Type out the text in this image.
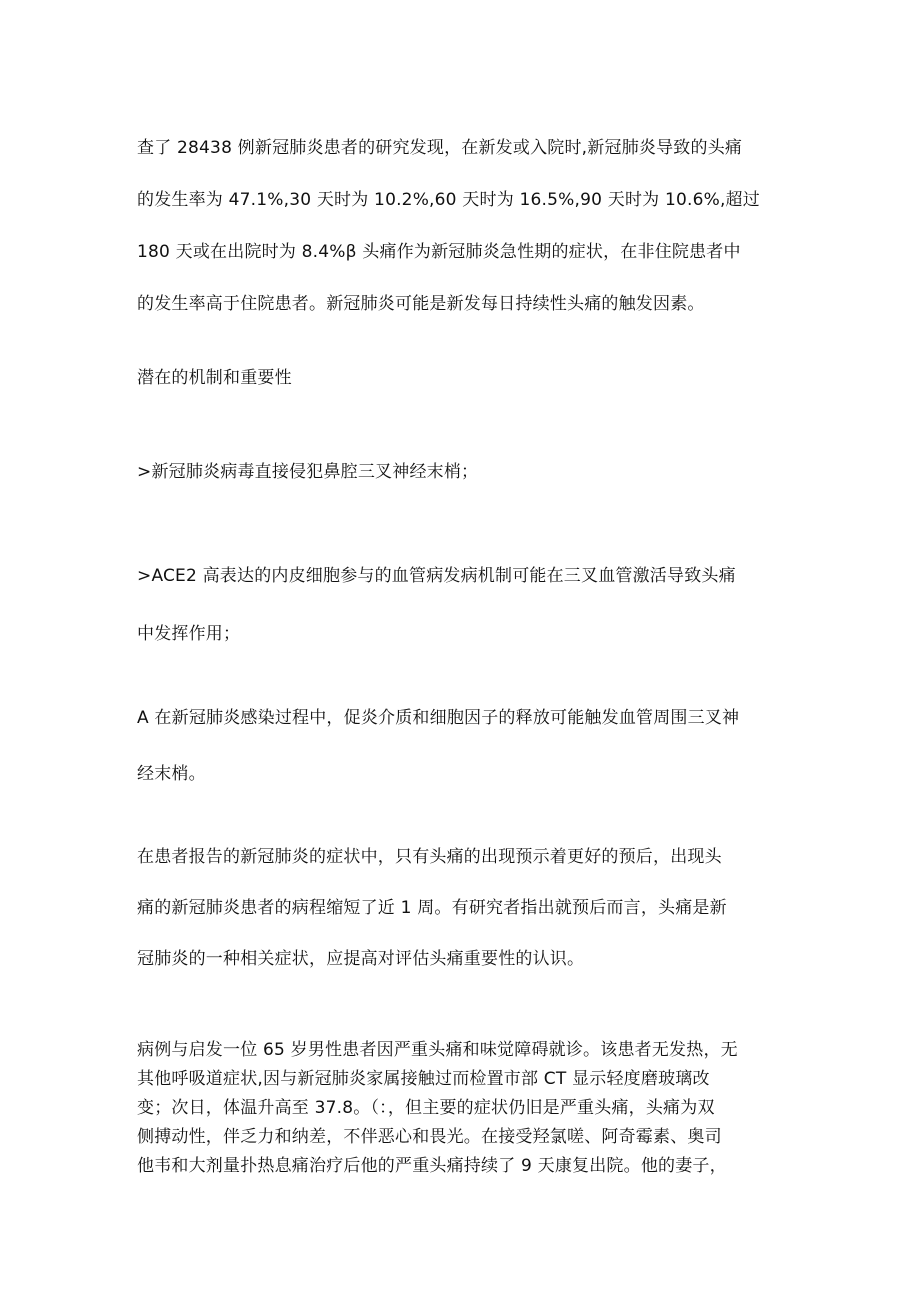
查了 28438 例新冠肺炎患者的研究发现，在新发或入院时,新冠肺炎导致的头痛
的发生率为 47.1%,30 天时为 10.2%,60 天时为 16.5%,90 天时为 10.6%,超过
180 天或在出院时为 8.4%β 头痛作为新冠肺炎急性期的症状，在非住院患者中
的发生率高于住院患者。新冠肺炎可能是新发每日持续性头痛的触发因素。

潜在的机制和重要性

>新冠肺炎病毒直接侵犯鼻腔三叉神经末梢；

>ACE2 高表达的内皮细胞参与的血管病发病机制可能在三叉血管激活导致头痛
中发挥作用；

A 在新冠肺炎感染过程中，促炎介质和细胞因子的释放可能触发血管周围三叉神
经末梢。

在患者报告的新冠肺炎的症状中，只有头痛的出现预示着更好的预后，出现头
痛的新冠肺炎患者的病程缩短了近 1 周。有研究者指出就预后而言，头痛是新
冠肺炎的一种相关症状，应提高对评估头痛重要性的认识。

病例与启发一位 65 岁男性患者因严重头痛和味觉障碍就诊。该患者无发热，无
其他呼吸道症状,因与新冠肺炎家属接触过而检置市部 CT 显示轻度磨玻璃改
变；次日，体温升高至 37.8。（：，但主要的症状仍旧是严重头痛，头痛为双
侧搏动性，伴乏力和纳差，不伴恶心和畏光。在接受羟氯嗟、阿奇霉素、奥司
他韦和大剂量扑热息痛治疗后他的严重头痛持续了 9 天康复出院。他的妻子，
